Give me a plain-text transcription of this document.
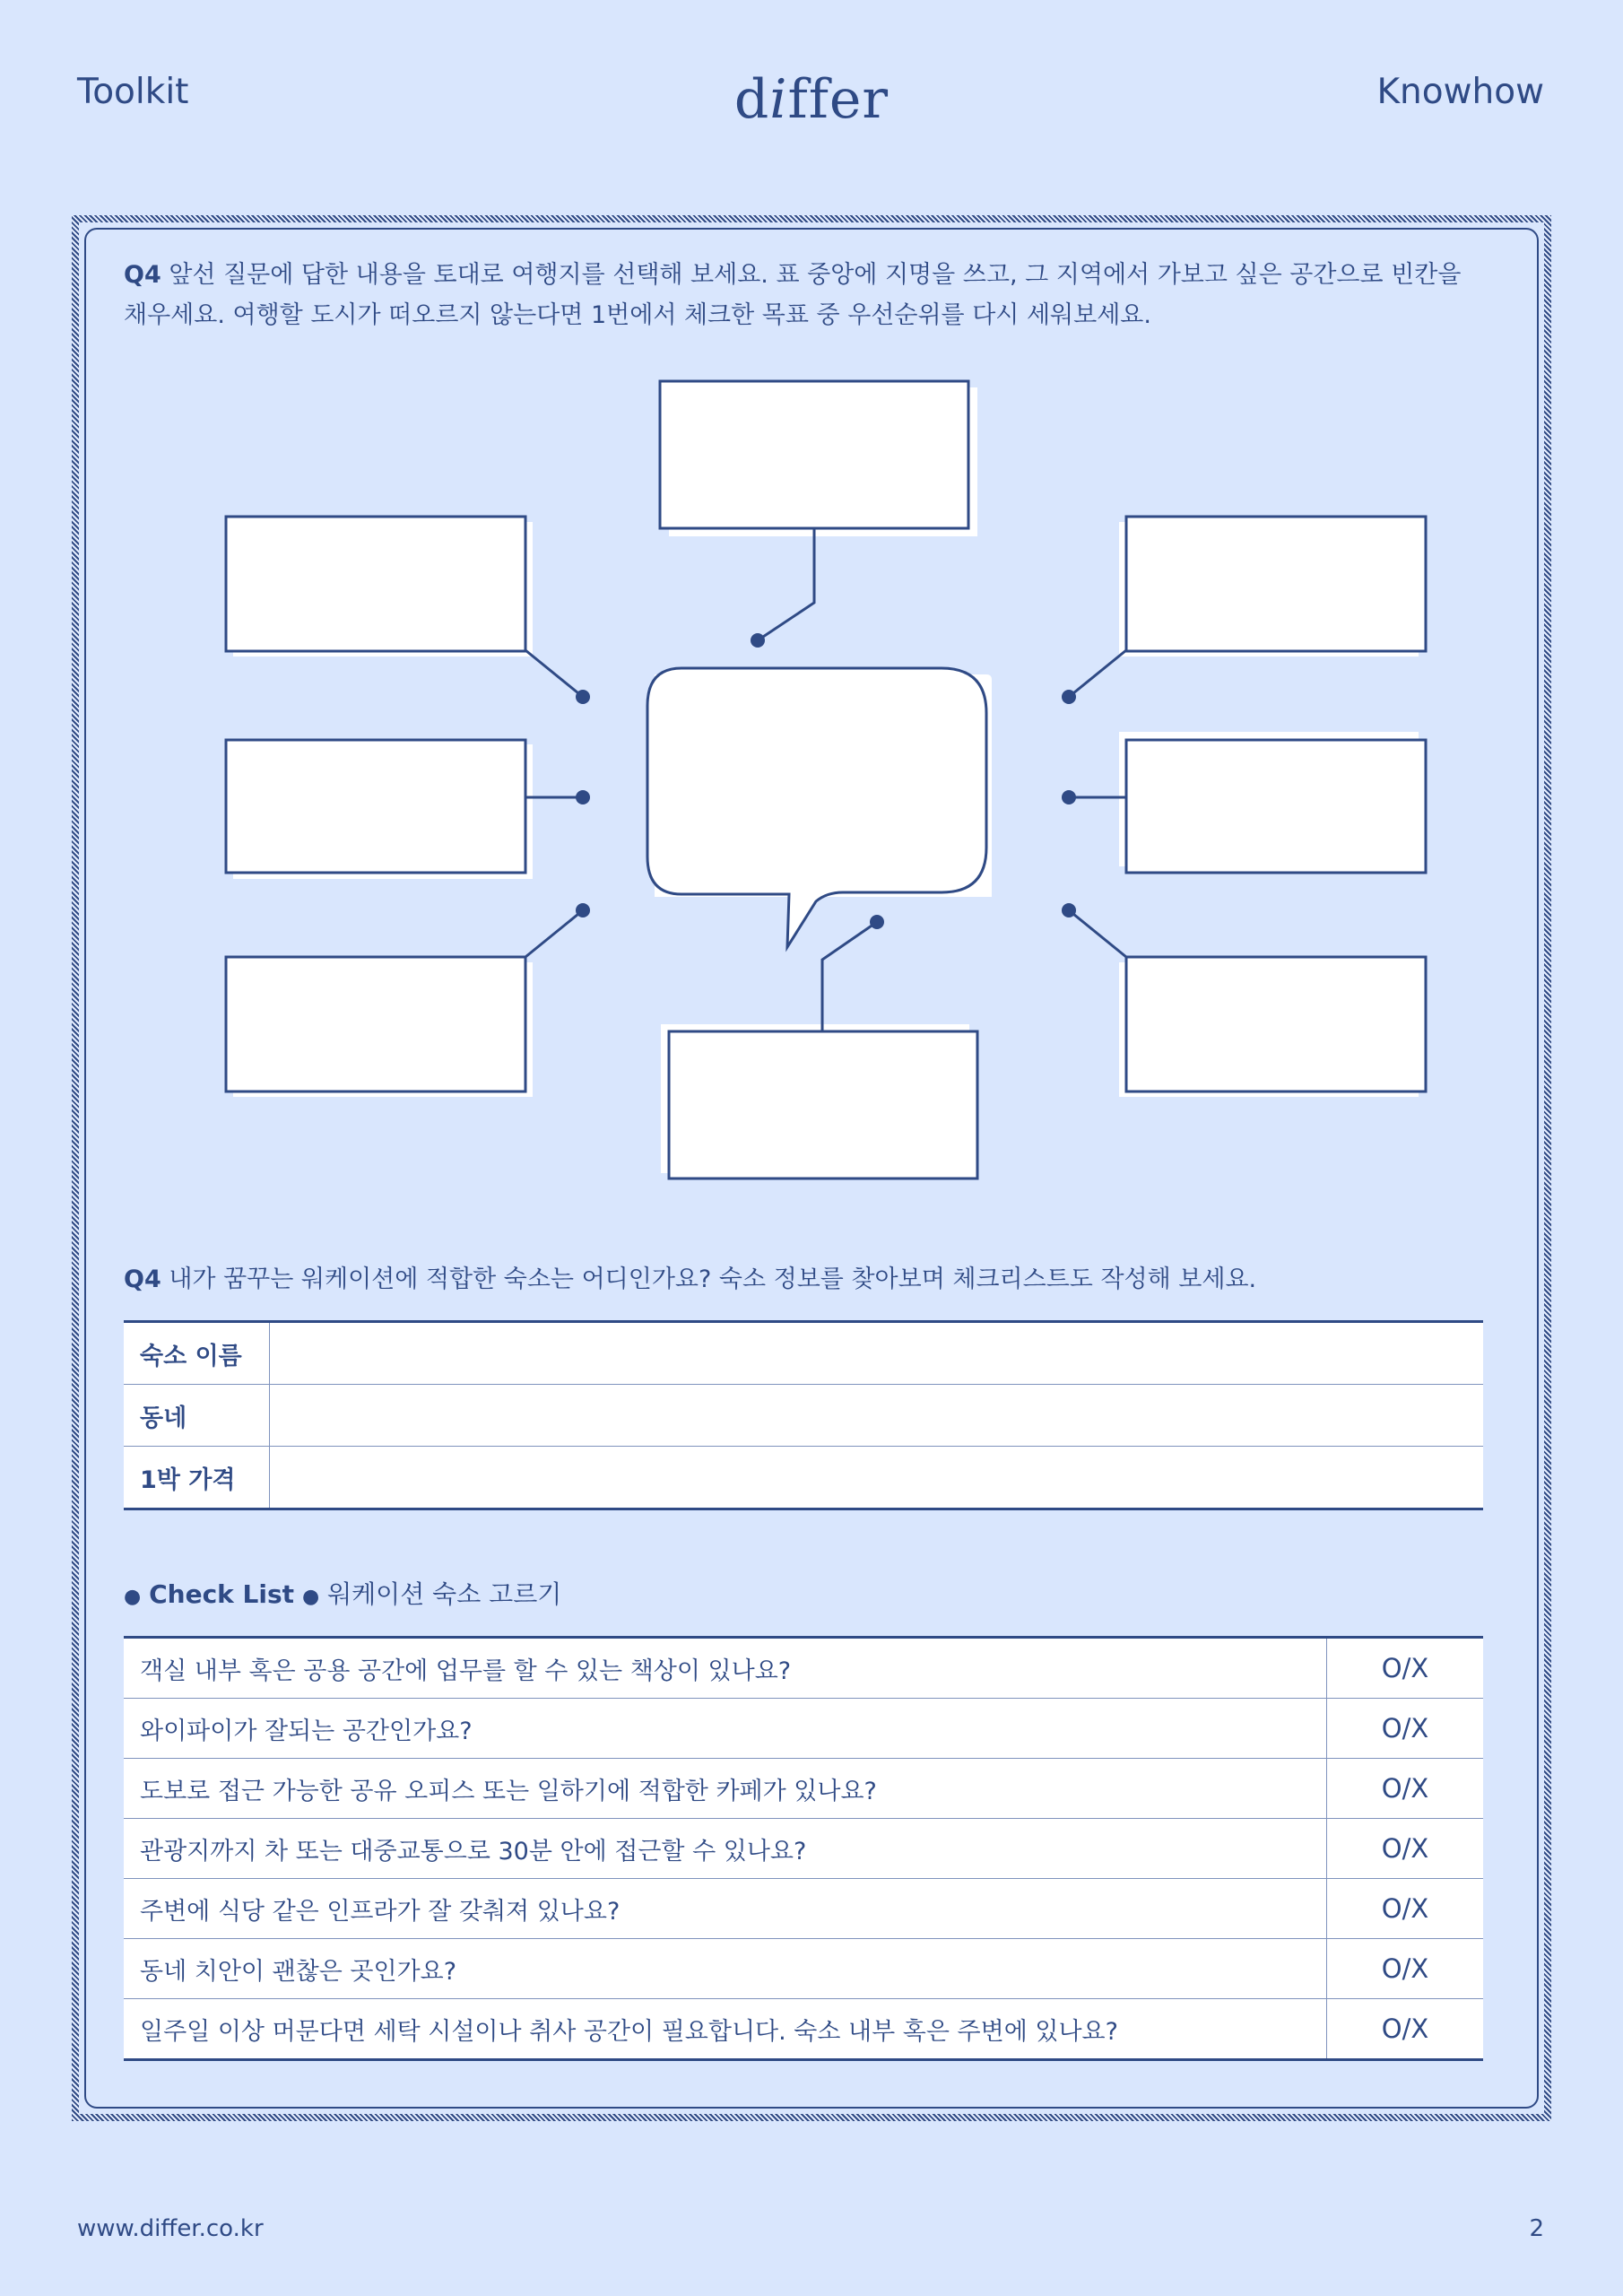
Toolkit	differ	Knowhow
Q4 앞선 질문에 답한 내용을 토대로 여행지를 선택해 보세요. 표 중앙에 지명을 쓰고, 그 지역에서 가보고 싶은 공간으로 빈칸을 채우세요. 여행할 도시가 떠오르지 않는다면 1번에서 체크한 목표 중 우선순위를 다시 세워보세요.
Q4 내가 꿈꾸는 워케이션에 적합한 숙소는 어디인가요? 숙소 정보를 찾아보며 체크리스트도 작성해 보세요.
숙소 이름	
동네	
1박 가격	
● Check List ● 워케이션 숙소 고르기
객실 내부 혹은 공용 공간에 업무를 할 수 있는 책상이 있나요?	O/X
와이파이가 잘되는 공간인가요?	O/X
도보로 접근 가능한 공유 오피스 또는 일하기에 적합한 카페가 있나요?	O/X
관광지까지 차 또는 대중교통으로 30분 안에 접근할 수 있나요?	O/X
주변에 식당 같은 인프라가 잘 갖춰져 있나요?	O/X
동네 치안이 괜찮은 곳인가요?	O/X
일주일 이상 머문다면 세탁 시설이나 취사 공간이 필요합니다. 숙소 내부 혹은 주변에 있나요?	O/X
www.differ.co.kr	2
